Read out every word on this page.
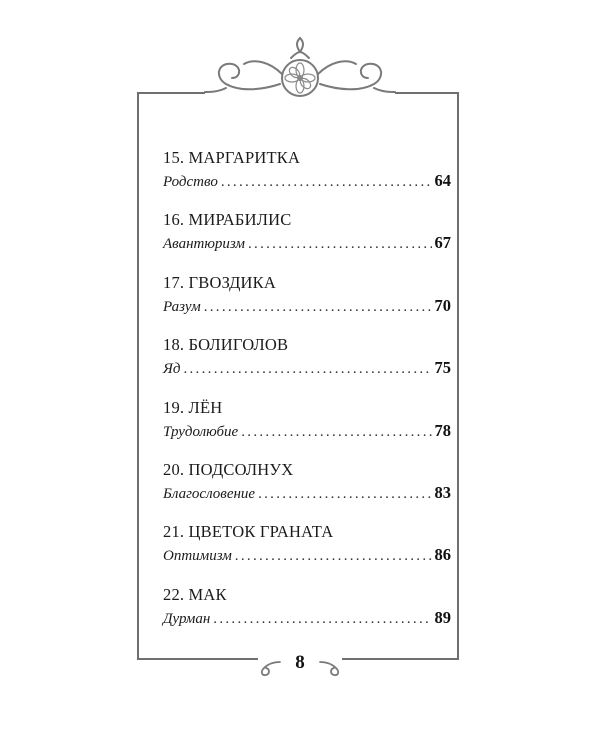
15. МАРГАРИТКА
Родство .....	64
16. МИРАБИЛИС
Авантюризм .....	67
17. ГВОЗДИКА
Разум .....	70
18. БОЛИГОЛОВ
Яд .....	75
19. ЛЁН
Трудолюбие .....	78
20. ПОДСОЛНУХ
Благословение .....	83
21. ЦВЕТОК ГРАНАТА
Оптимизм .....	86
22. МАК
Дурман .....	89
8
